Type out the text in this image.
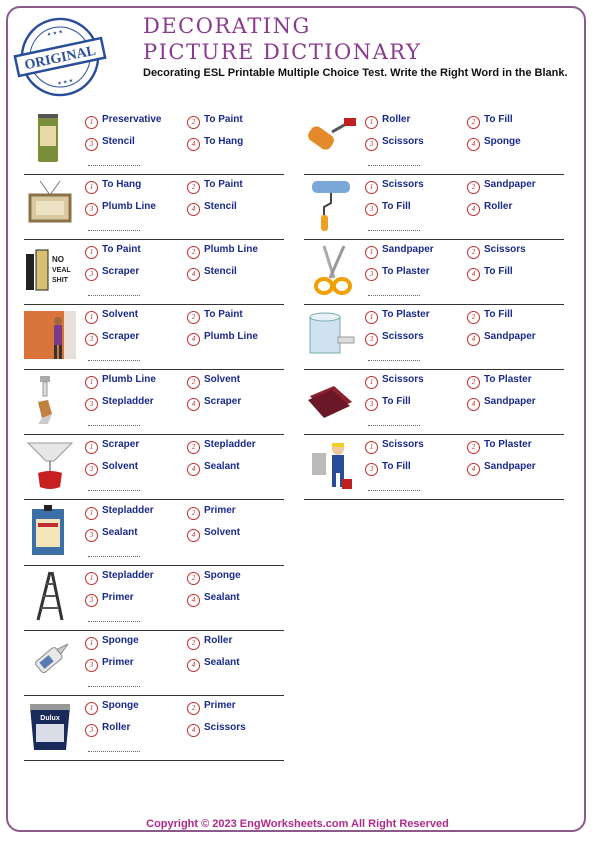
ORIGINAL
★ ★ ★
★ ★ ★
DECORATING
PICTURE DICTIONARY
Decorating ESL Printable Multiple Choice Test. Write the Right Word in the Blank.
1 Preservative	2 To Paint
3 Stencil	4 To Hang
1 To Hang	2 To Paint
3 Plumb Line	4 Stencil
NO
VEAL
SHIT
1 To Paint	2 Plumb Line
3 Scraper	4 Stencil
1 Solvent	2 To Paint
3 Scraper	4 Plumb Line
1 Plumb Line	2 Solvent
3 Stepladder	4 Scraper
1 Scraper	2 Stepladder
3 Solvent	4 Sealant
1 Stepladder	2 Primer
3 Sealant	4 Solvent
1 Stepladder	2 Sponge
3 Primer	4 Sealant
1 Sponge	2 Roller
3 Primer	4 Sealant
Dulux
1 Sponge	2 Primer
3 Roller	4 Scissors
1 Roller	2 To Fill
3 Scissors	4 Sponge
1 Scissors	2 Sandpaper
3 To Fill	4 Roller
1 Sandpaper	2 Scissors
3 To Plaster	4 To Fill
1 To Plaster	2 To Fill
3 Scissors	4 Sandpaper
1 Scissors	2 To Plaster
3 To Fill	4 Sandpaper
1 Scissors	2 To Plaster
3 To Fill	4 Sandpaper
Copyright © 2023 EngWorksheets.com All Right Reserved
